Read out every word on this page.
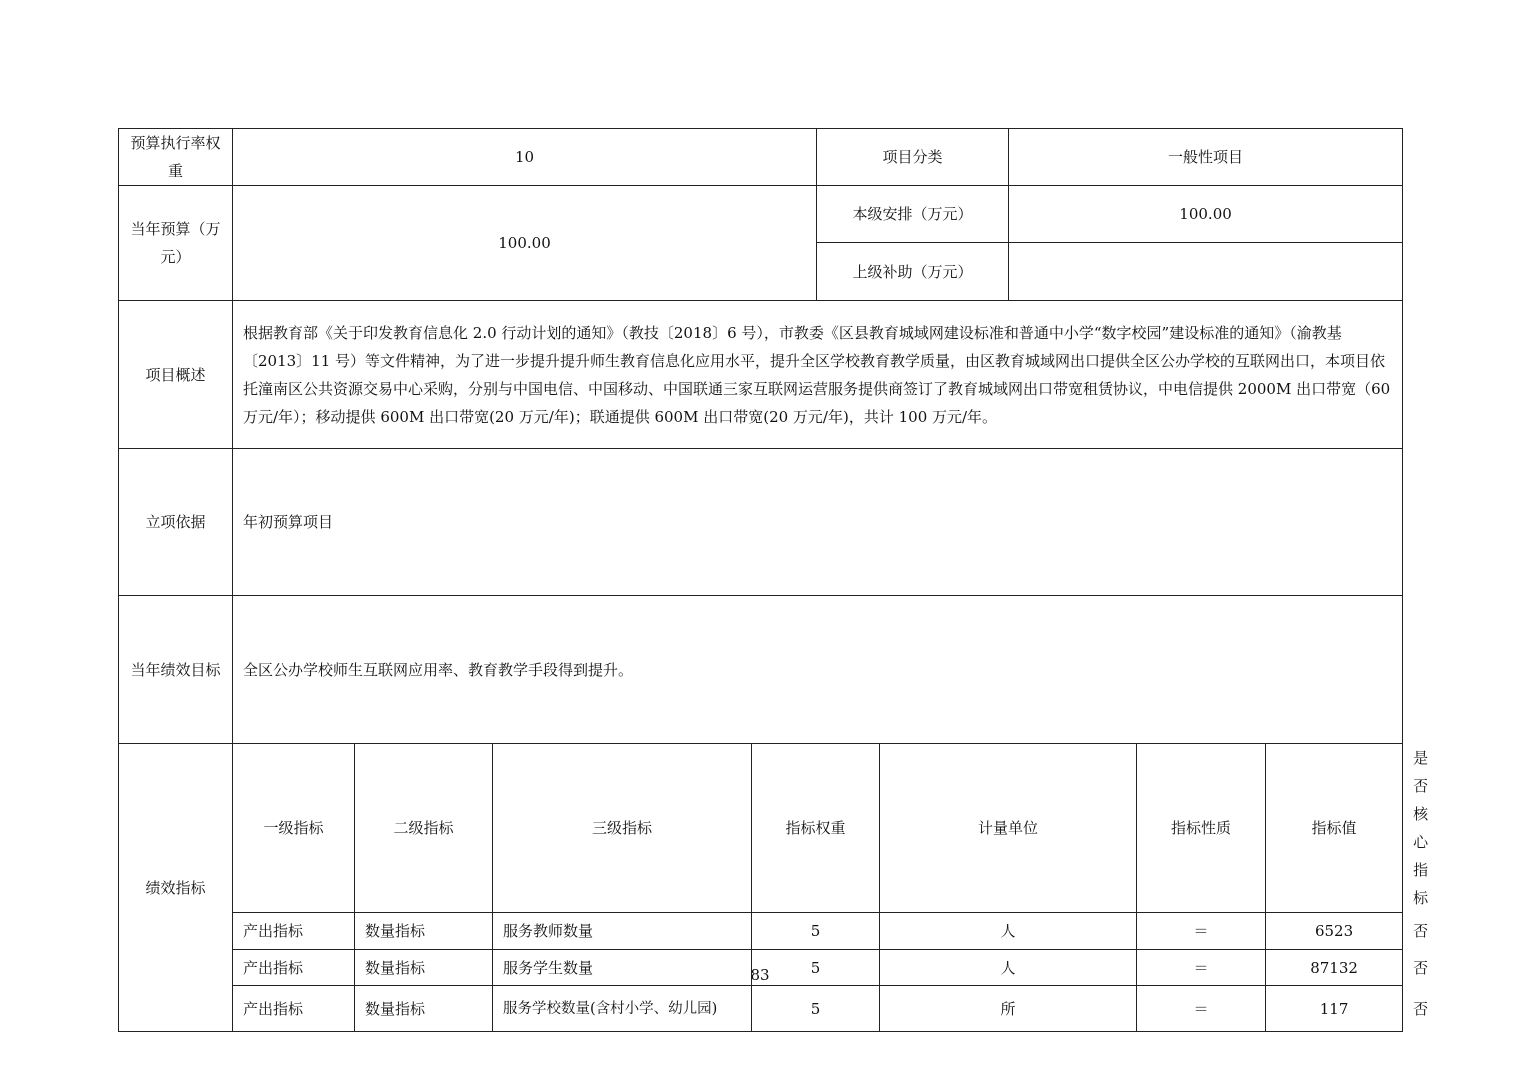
预算执行率权重	10				项目分类		一般性项目			
当年预算（万元）	100.00				本级安排（万元）		100.00			
					上级补助（万元）					
项目概述	根据教育部《关于印发教育信息化 2.0 行动计划的通知》（教技〔2018〕6 号），市教委《区县教育城域网建设标准和普通中小学“数字校园”建设标准的通知》（渝教基〔2013〕11 号）等文件精神，为了进一步提升提升师生教育信息化应用水平，提升全区学校教育教学质量，由区教育城域网出口提供全区公办学校的互联网出口，本项目依托潼南区公共资源交易中心采购，分别与中国电信、中国移动、中国联通三家互联网运营服务提供商签订了教育城域网出口带宽租赁协议，中电信提供 2000M 出口带宽（60 万元/年）；移动提供 600M 出口带宽(20 万元/年)；联通提供 600M 出口带宽(20 万元/年)，共计 100 万元/年。									
立项依据	年初预算项目									
当年绩效目标	全区公办学校师生互联网应用率、教育教学手段得到提升。									
绩效指标	一级指标	二级指标	三级指标	指标权重		计量单位		指标性质	指标值	是否核心指标
	产出指标	数量指标	服务教师数量	5		人		＝	6523	否
	产出指标	数量指标	服务学生数量	5		人		＝	87132	否
	产出指标	数量指标	服务学校数量(含村小学、幼儿园)	5		所		＝	117	否
83
